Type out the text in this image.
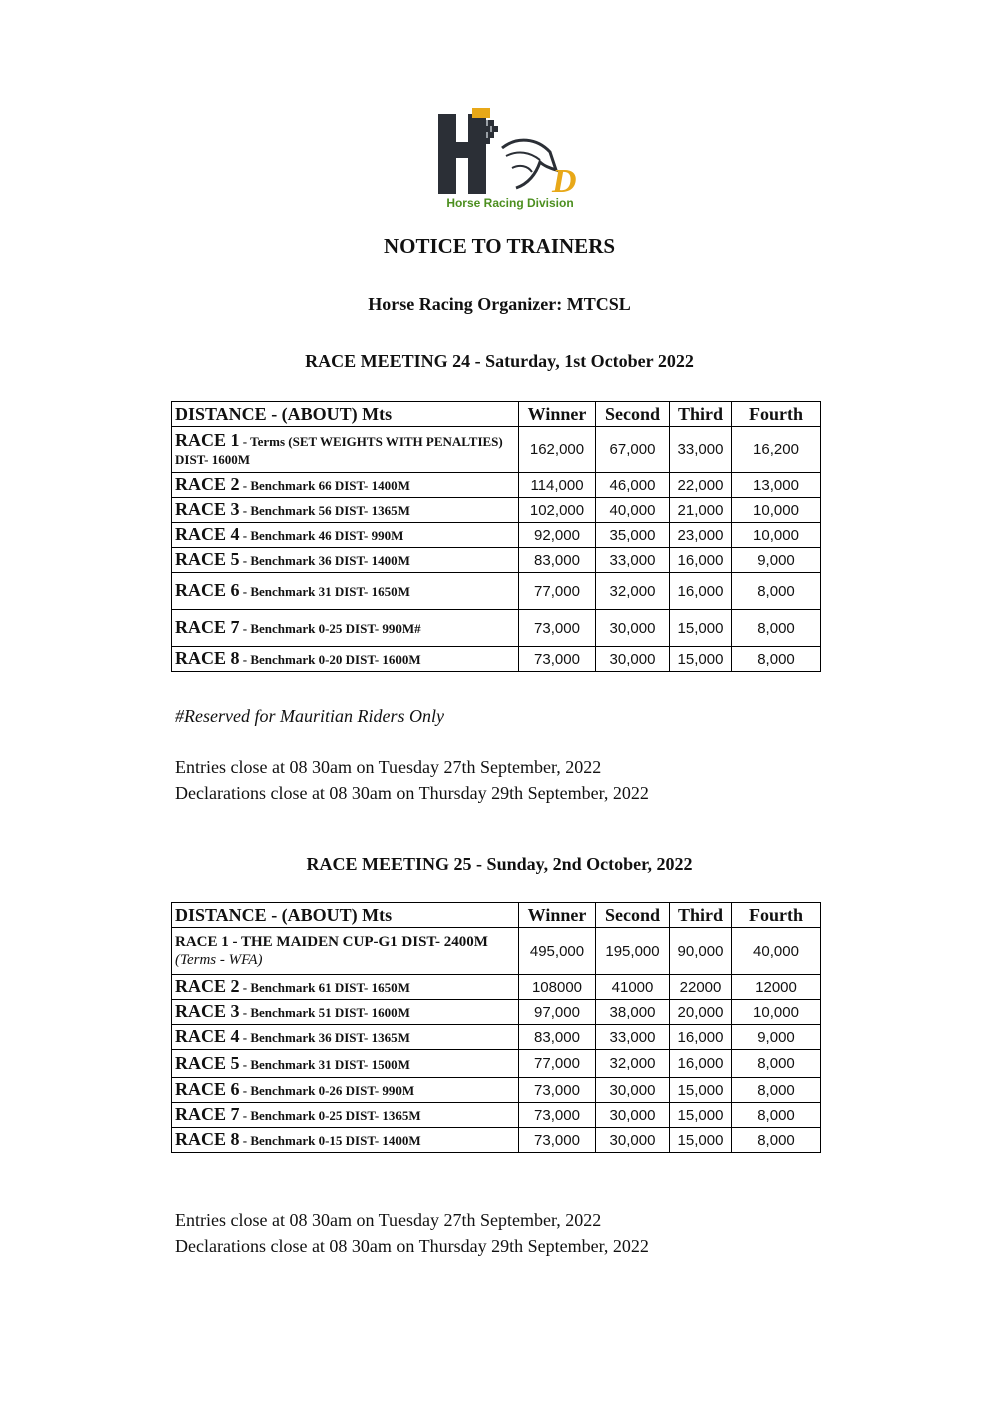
D
Horse Racing Division
NOTICE TO TRAINERS
Horse Racing Organizer: MTCSL
RACE MEETING 24 - Saturday, 1st October 2022
DISTANCE - (ABOUT) Mts	Winner	Second	Third	Fourth
RACE 1 - Terms (SET WEIGHTS WITH PENALTIES) DIST- 1600M	162,000	67,000	33,000	16,200
RACE 2 - Benchmark 66 DIST- 1400M	114,000	46,000	22,000	13,000
RACE 3 - Benchmark 56 DIST- 1365M	102,000	40,000	21,000	10,000
RACE 4 - Benchmark 46 DIST- 990M	92,000	35,000	23,000	10,000
RACE 5 - Benchmark 36 DIST- 1400M	83,000	33,000	16,000	9,000
RACE 6 - Benchmark 31 DIST- 1650M	77,000	32,000	16,000	8,000
RACE 7 - Benchmark 0-25 DIST- 990M#	73,000	30,000	15,000	8,000
RACE 8 - Benchmark 0-20 DIST- 1600M	73,000	30,000	15,000	8,000
#Reserved for Mauritian Riders Only
Entries close at 08 30am on Tuesday 27th September, 2022
Declarations close at 08 30am on Thursday 29th September, 2022
RACE MEETING 25 - Sunday, 2nd October, 2022
DISTANCE - (ABOUT) Mts	Winner	Second	Third	Fourth
RACE 1 - THE MAIDEN CUP-G1 DIST- 2400M (Terms - WFA)	495,000	195,000	90,000	40,000
RACE 2 - Benchmark 61 DIST- 1650M	108000	41000	22000	12000
RACE 3 - Benchmark 51 DIST- 1600M	97,000	38,000	20,000	10,000
RACE 4 - Benchmark 36 DIST- 1365M	83,000	33,000	16,000	9,000
RACE 5 - Benchmark 31 DIST- 1500M	77,000	32,000	16,000	8,000
RACE 6 - Benchmark 0-26 DIST- 990M	73,000	30,000	15,000	8,000
RACE 7 - Benchmark 0-25 DIST- 1365M	73,000	30,000	15,000	8,000
RACE 8 - Benchmark 0-15 DIST- 1400M	73,000	30,000	15,000	8,000
Entries close at 08 30am on Tuesday 27th September, 2022
Declarations close at 08 30am on Thursday 29th September, 2022
